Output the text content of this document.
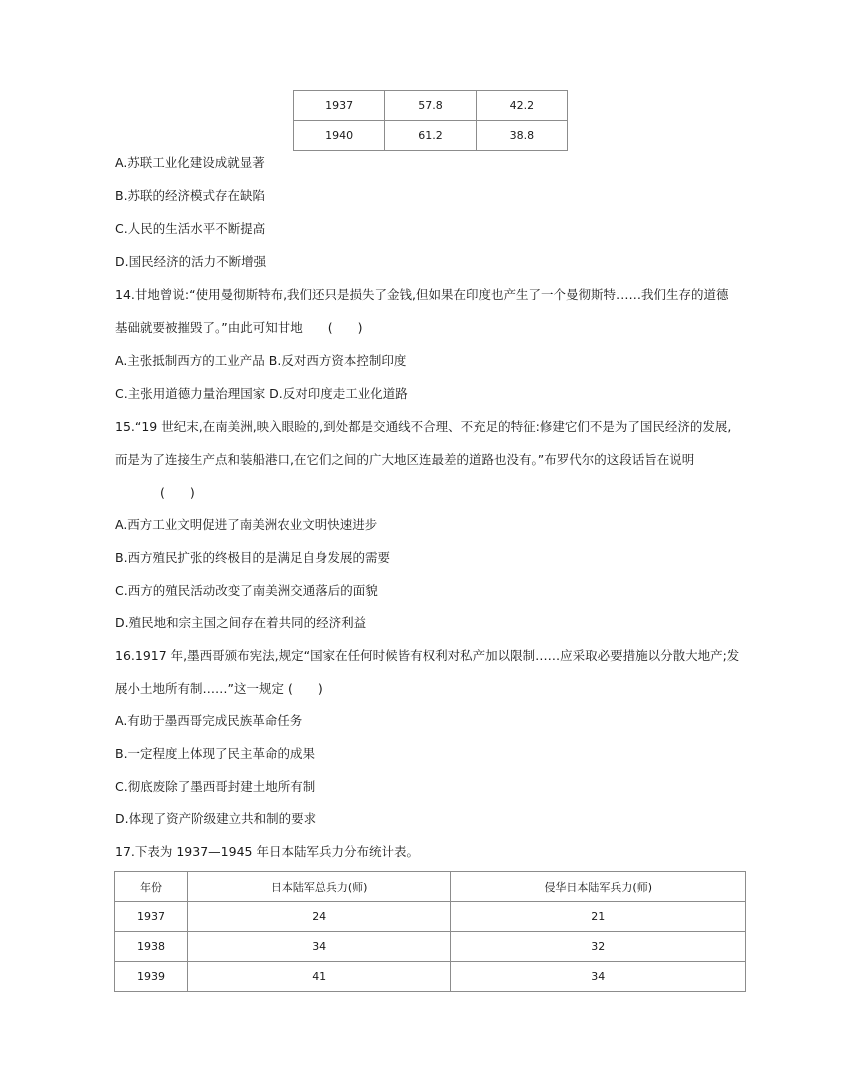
1937	57.8	42.2
1940	61.2	38.8
A.苏联工业化建设成就显著
B.苏联的经济模式存在缺陷
C.人民的生活水平不断提高
D.国民经济的活力不断增强
14.甘地曾说:“使用曼彻斯特布,我们还只是损失了金钱,但如果在印度也产生了一个曼彻斯特……我们生存的道德
基础就要被摧毁了。”由此可知甘地　　(　　)
A.主张抵制西方的工业产品 B.反对西方资本控制印度
C.主张用道德力量治理国家 D.反对印度走工业化道路
15.“19 世纪末,在南美洲,映入眼睑的,到处都是交通线不合理、不充足的特征:修建它们不是为了国民经济的发展,
而是为了连接生产点和装船港口,在它们之间的广大地区连最差的道路也没有。”布罗代尔的这段话旨在说明
(　　)
A.西方工业文明促进了南美洲农业文明快速进步
B.西方殖民扩张的终极目的是满足自身发展的需要
C.西方的殖民活动改变了南美洲交通落后的面貌
D.殖民地和宗主国之间存在着共同的经济利益
16.1917 年,墨西哥颁布宪法,规定“国家在任何时候皆有权利对私产加以限制……应采取必要措施以分散大地产;发
展小土地所有制……”这一规定 (　　)
A.有助于墨西哥完成民族革命任务
B.一定程度上体现了民主革命的成果
C.彻底废除了墨西哥封建土地所有制
D.体现了资产阶级建立共和制的要求
17.下表为 1937—1945 年日本陆军兵力分布统计表。
年份	日本陆军总兵力(师)	侵华日本陆军兵力(师)
1937	24	21
1938	34	32
1939	41	34
